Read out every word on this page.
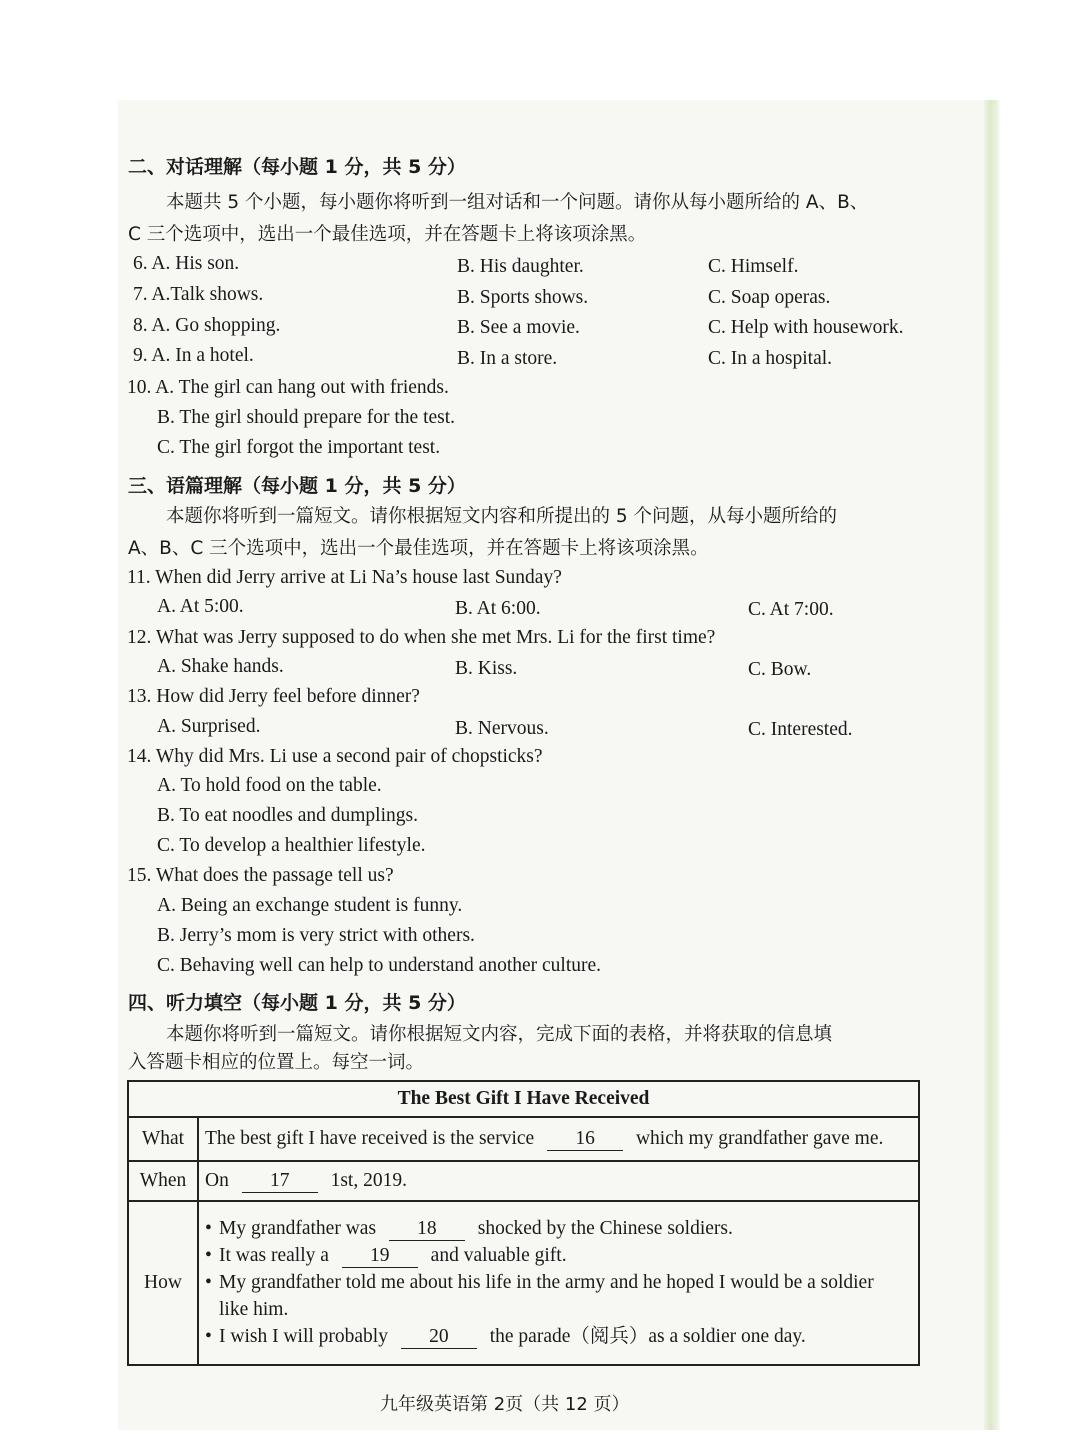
二、对话理解（每小题 1 分，共 5 分）
本题共 5 个小题，每小题你将听到一组对话和一个问题。请你从每小题所给的 A、B、
C 三个选项中，选出一个最佳选项，并在答题卡上将该项涂黑。
6. A. His son.	B. His daughter.	C. Himself.
7. A.Talk shows.	B. Sports shows.	C. Soap operas.
8. A. Go shopping.	B. See a movie.	C. Help with housework.
9. A. In a hotel.	B. In a store.	C. In a hospital.
10. A. The girl can hang out with friends.
B. The girl should prepare for the test.
C. The girl forgot the important test.
三、语篇理解（每小题 1 分，共 5 分）
本题你将听到一篇短文。请你根据短文内容和所提出的 5 个问题，从每小题所给的
A、B、C 三个选项中，选出一个最佳选项，并在答题卡上将该项涂黑。
11. When did Jerry arrive at Li Na’s house last Sunday?
A. At 5:00.	B. At 6:00.	C. At 7:00.
12. What was Jerry supposed to do when she met Mrs. Li for the first time?
A. Shake hands.	B. Kiss.	C. Bow.
13. How did Jerry feel before dinner?
A. Surprised.	B. Nervous.	C. Interested.
14. Why did Mrs. Li use a second pair of chopsticks?
A. To hold food on the table.
B. To eat noodles and dumplings.
C. To develop a healthier lifestyle.
15. What does the passage tell us?
A. Being an exchange student is funny.
B. Jerry’s mom is very strict with others.
C. Behaving well can help to understand another culture.
四、听力填空（每小题 1 分，共 5 分）
本题你将听到一篇短文。请你根据短文内容，完成下面的表格，并将获取的信息填
入答题卡相应的位置上。每空一词。
The Best Gift I Have Received	
What	The best gift I have received is the service 16 which my grandfather gave me.
When	On 17 1st, 2019.
How	• My grandfather was 18 shocked by the Chinese soldiers.
• It was really a 19 and valuable gift.
• My grandfather told me about his life in the army and he hoped I would be a soldier
like him.
• I wish I will probably 20 the parade（阅兵）as a soldier one day.
九年级英语第 2页（共 12 页）
